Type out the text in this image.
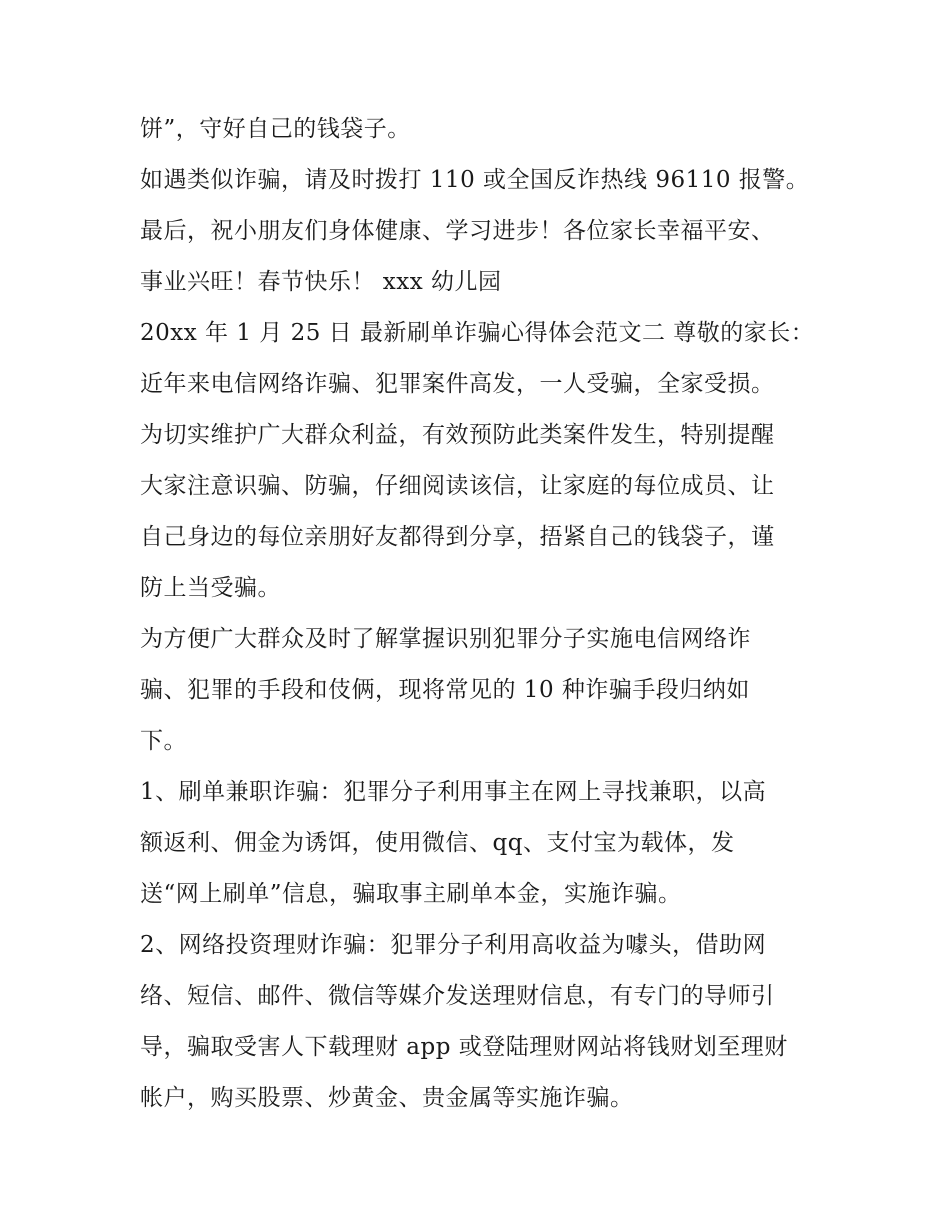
饼”，守好自己的钱袋子。
如遇类似诈骗，请及时拨打 110 或全国反诈热线 96110 报警。
最后，祝小朋友们身体健康、学习进步！各位家长幸福平安、
事业兴旺！春节快乐！ xxx 幼儿园
20xx 年 1 月 25 日 最新刷单诈骗心得体会范文二 尊敬的家长：
近年来电信网络诈骗、犯罪案件高发，一人受骗，全家受损。
为切实维护广大群众利益，有效预防此类案件发生，特别提醒
大家注意识骗、防骗，仔细阅读该信，让家庭的每位成员、让
自己身边的每位亲朋好友都得到分享，捂紧自己的钱袋子，谨
防上当受骗。
为方便广大群众及时了解掌握识别犯罪分子实施电信网络诈
骗、犯罪的手段和伎俩，现将常见的 10 种诈骗手段归纳如
下。
1、刷单兼职诈骗：犯罪分子利用事主在网上寻找兼职，以高
额返利、佣金为诱饵，使用微信、qq、支付宝为载体，发
送“网上刷单”信息，骗取事主刷单本金，实施诈骗。
2、网络投资理财诈骗：犯罪分子利用高收益为噱头，借助网
络、短信、邮件、微信等媒介发送理财信息，有专门的导师引
导，骗取受害人下载理财 app 或登陆理财网站将钱财划至理财
帐户，购买股票、炒黄金、贵金属等实施诈骗。
